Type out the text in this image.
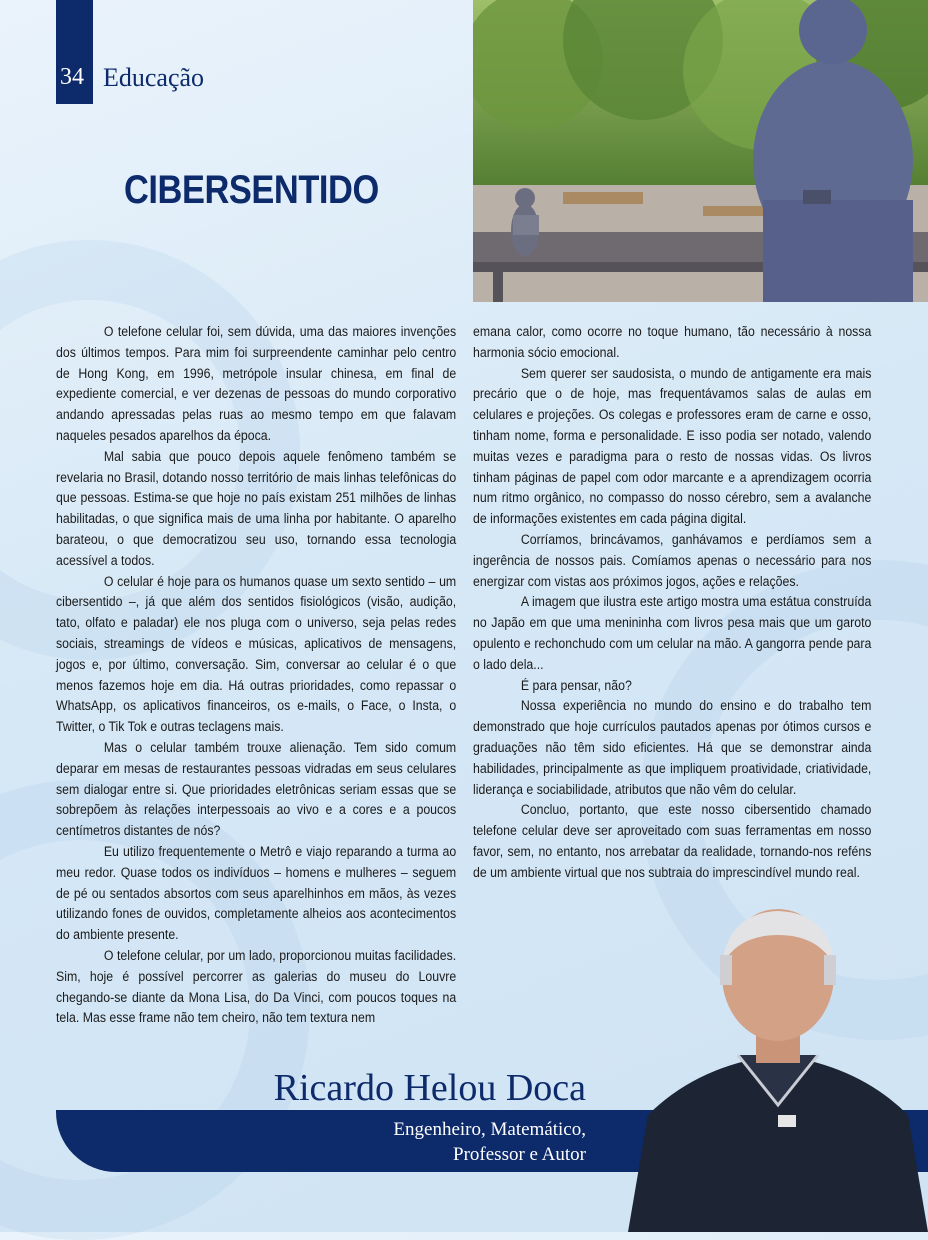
34 Educação
CIBERSENTIDO

O telefone celular foi, sem dúvida, uma das maiores invenções dos últimos tempos. Para mim foi surpreendente caminhar pelo centro de Hong Kong, em 1996, metrópole insular chinesa, em final de expediente comercial, e ver dezenas de pessoas do mundo corporativo andando apressadas pelas ruas ao mesmo tempo em que falavam naqueles pesados aparelhos da época.

Mal sabia que pouco depois aquele fenômeno também se revelaria no Brasil, dotando nosso território de mais linhas telefônicas do que pessoas. Estima-se que hoje no país existam 251 milhões de linhas habilitadas, o que significa mais de uma linha por habitante. O aparelho barateou, o que democratizou seu uso, tornando essa tecnologia acessível a todos.

O celular é hoje para os humanos quase um sexto sentido – um cibersentido –, já que além dos sentidos fisiológicos (visão, audição, tato, olfato e paladar) ele nos pluga com o universo, seja pelas redes sociais, streamings de vídeos e músicas, aplicativos de mensagens, jogos e, por último, conversação. Sim, conversar ao celular é o que menos fazemos hoje em dia. Há outras prioridades, como repassar o WhatsApp, os aplicativos financeiros, os e-mails, o Face, o Insta, o Twitter, o Tik Tok e outras teclagens mais.

Mas o celular também trouxe alienação. Tem sido comum deparar em mesas de restaurantes pessoas vidradas em seus celulares sem dialogar entre si. Que prioridades eletrônicas seriam essas que se sobrepõem às relações interpessoais ao vivo e a cores e a poucos centímetros distantes de nós?

Eu utilizo frequentemente o Metrô e viajo reparando a turma ao meu redor. Quase todos os indivíduos – homens e mulheres – seguem de pé ou sentados absortos com seus aparelhinhos em mãos, às vezes utilizando fones de ouvidos, completamente alheios aos acontecimentos do ambiente presente.

O telefone celular, por um lado, proporcionou muitas facilidades. Sim, hoje é possível percorrer as galerias do museu do Louvre chegando-se diante da Mona Lisa, do Da Vinci, com poucos toques na tela. Mas esse frame não tem cheiro, não tem textura nem

emana calor, como ocorre no toque humano, tão necessário à nossa harmonia sócio emocional.

Sem querer ser saudosista, o mundo de antigamente era mais precário que o de hoje, mas frequentávamos salas de aulas em celulares e projeções. Os colegas e professores eram de carne e osso, tinham nome, forma e personalidade. E isso podia ser notado, valendo muitas vezes e paradigma para o resto de nossas vidas. Os livros tinham páginas de papel com odor marcante e a aprendizagem ocorria num ritmo orgânico, no compasso do nosso cérebro, sem a avalanche de informações existentes em cada página digital.

Corríamos, brincávamos, ganhávamos e perdíamos sem a ingerência de nossos pais. Comíamos apenas o necessário para nos energizar com vistas aos próximos jogos, ações e relações.

A imagem que ilustra este artigo mostra uma estátua construída no Japão em que uma menininha com livros pesa mais que um garoto opulento e rechonchudo com um celular na mão. A gangorra pende para o lado dela...

É para pensar, não?

Nossa experiência no mundo do ensino e do trabalho tem demonstrado que hoje currículos pautados apenas por ótimos cursos e graduações não têm sido eficientes. Há que se demonstrar ainda habilidades, principalmente as que impliquem proatividade, criatividade, liderança e sociabilidade, atributos que não vêm do celular.

Concluo, portanto, que este nosso cibersentido chamado telefone celular deve ser aproveitado com suas ferramentas em nosso favor, sem, no entanto, nos arrebatar da realidade, tornando-nos reféns de um ambiente virtual que nos subtraia do imprescindível mundo real.

Ricardo Helou Doca
Engenheiro, Matemático,
Professor e Autor
